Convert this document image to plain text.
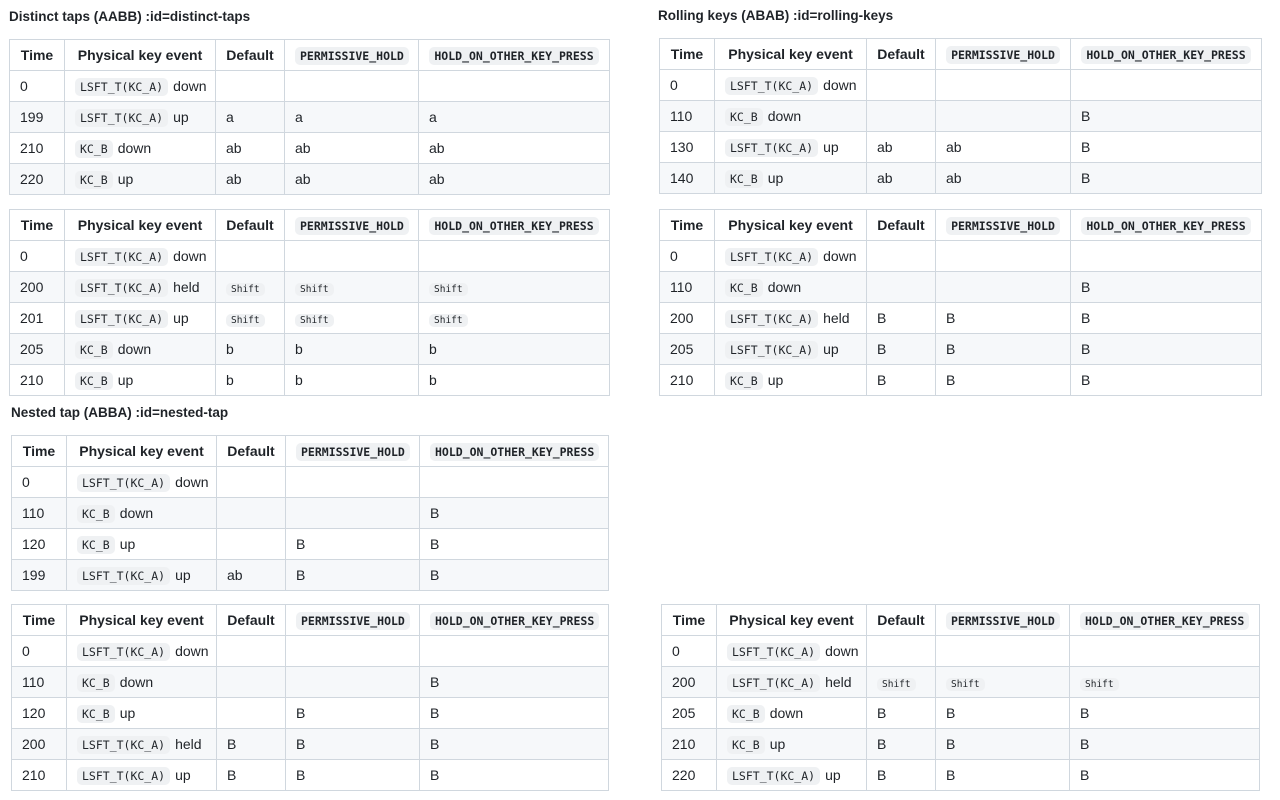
Distinct taps (AABB) :id=distinct-taps	Rolling keys (ABAB) :id=rolling-keys
Nested tap (ABBA) :id=nested-tap
Time	Physical key event	Default	PERMISSIVE_HOLD	HOLD_ON_OTHER_KEY_PRESS
0	LSFT_T(KC_A) down			
199	LSFT_T(KC_A) up	a	a	a
210	KC_B down	ab	ab	ab
220	KC_B up	ab	ab	ab
Time	Physical key event	Default	PERMISSIVE_HOLD	HOLD_ON_OTHER_KEY_PRESS
0	LSFT_T(KC_A) down			
200	LSFT_T(KC_A) held	Shift	Shift	Shift
201	LSFT_T(KC_A) up	Shift	Shift	Shift
205	KC_B down	b	b	b
210	KC_B up	b	b	b
Time	Physical key event	Default	PERMISSIVE_HOLD	HOLD_ON_OTHER_KEY_PRESS
0	LSFT_T(KC_A) down			
110	KC_B down			B
120	KC_B up		B	B
199	LSFT_T(KC_A) up	ab	B	B
Time	Physical key event	Default	PERMISSIVE_HOLD	HOLD_ON_OTHER_KEY_PRESS
0	LSFT_T(KC_A) down			
110	KC_B down			B
120	KC_B up		B	B
200	LSFT_T(KC_A) held	B	B	B
210	LSFT_T(KC_A) up	B	B	B
Time	Physical key event	Default	PERMISSIVE_HOLD	HOLD_ON_OTHER_KEY_PRESS
0	LSFT_T(KC_A) down			
110	KC_B down			B
130	LSFT_T(KC_A) up	ab	ab	B
140	KC_B up	ab	ab	B
Time	Physical key event	Default	PERMISSIVE_HOLD	HOLD_ON_OTHER_KEY_PRESS
0	LSFT_T(KC_A) down			
110	KC_B down			B
200	LSFT_T(KC_A) held	B	B	B
205	LSFT_T(KC_A) up	B	B	B
210	KC_B up	B	B	B
Time	Physical key event	Default	PERMISSIVE_HOLD	HOLD_ON_OTHER_KEY_PRESS
0	LSFT_T(KC_A) down			
200	LSFT_T(KC_A) held	Shift	Shift	Shift
205	KC_B down	B	B	B
210	KC_B up	B	B	B
220	LSFT_T(KC_A) up	B	B	B
